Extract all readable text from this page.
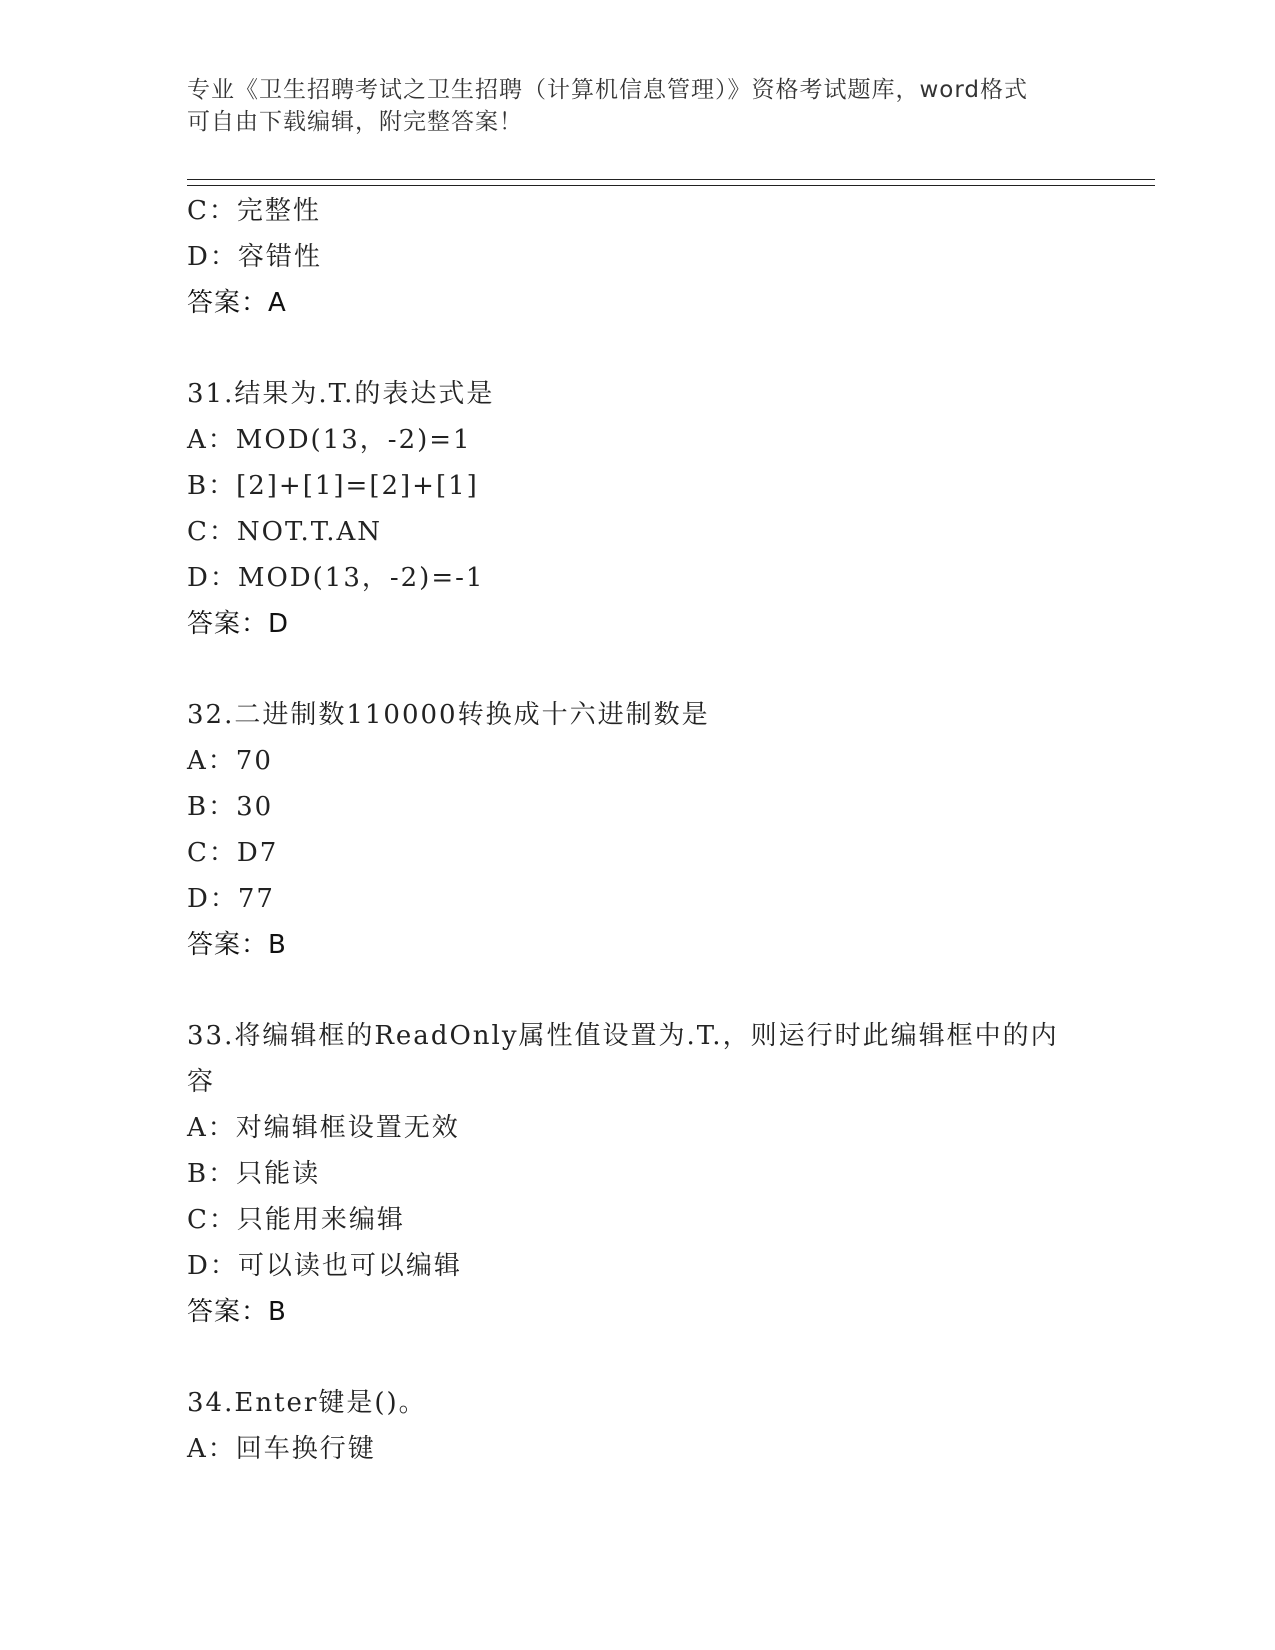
专业《卫生招聘考试之卫生招聘（计算机信息管理）》资格考试题库，word格式
可自由下载编辑，附完整答案！
C：完整性
D：容错性
答案：A
31.结果为.T.的表达式是
A：MOD(13，-2)=1
B：[2]+[1]=[2]+[1]
C：NOT.T.AN
D：MOD(13，-2)=-1
答案：D
32.二进制数110000转换成十六进制数是
A：70
B：30
C：D7
D：77
答案：B
33.将编辑框的ReadOnly属性值设置为.T.，则运行时此编辑框中的内
容
A：对编辑框设置无效
B：只能读
C：只能用来编辑
D：可以读也可以编辑
答案：B
34.Enter键是()。
A：回车换行键
